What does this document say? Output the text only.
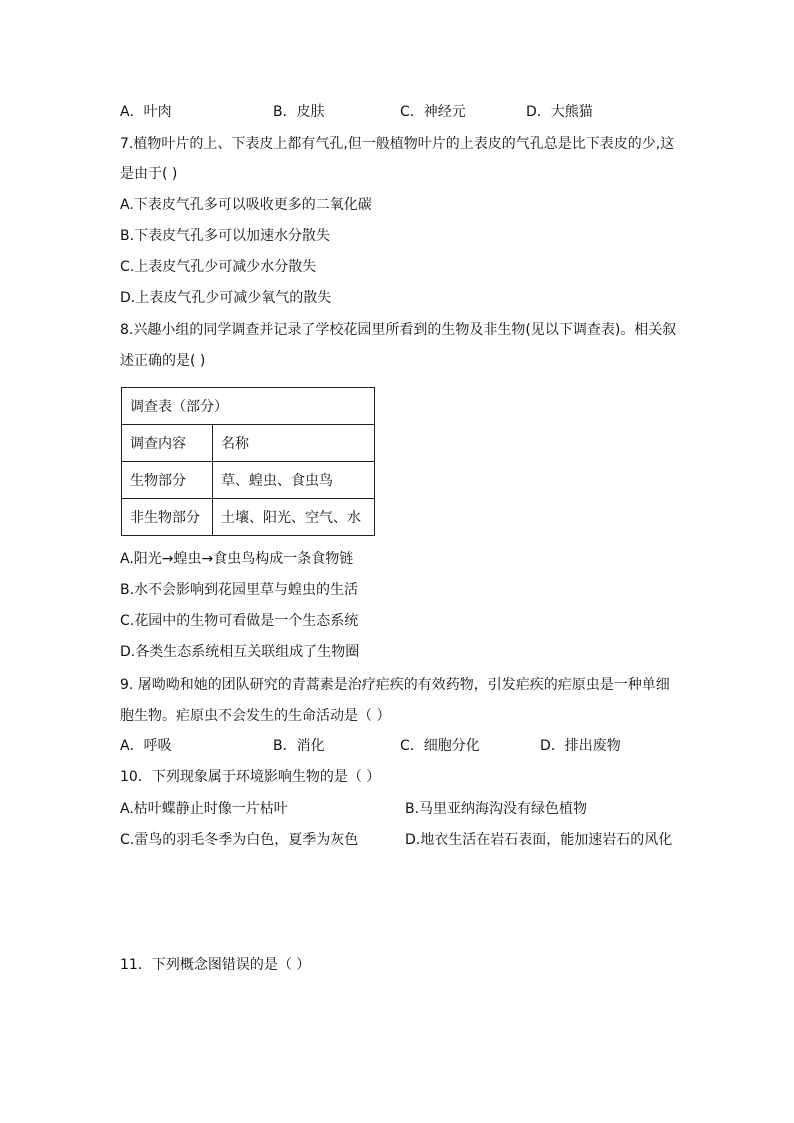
A．叶肉	B．皮肤	C．神经元	D．大熊猫
7.植物叶片的上、下表皮上都有气孔,但一般植物叶片的上表皮的气孔总是比下表皮的少,这
是由于( )
A.下表皮气孔多可以吸收更多的二氧化碳
B.下表皮气孔多可以加速水分散失
C.上表皮气孔少可减少水分散失
D.上表皮气孔少可减少氧气的散失
8.兴趣小组的同学调查并记录了学校花园里所看到的生物及非生物(见以下调查表)。相关叙
述正确的是( )
调查表（部分）	
调查内容	名称
生物部分	草、蝗虫、食虫鸟
非生物部分	土壤、阳光、空气、水
A.阳光→蝗虫→食虫鸟构成一条食物链
B.水不会影响到花园里草与蝗虫的生活
C.花园中的生物可看做是一个生态系统
D.各类生态系统相互关联组成了生物圈
9. 屠呦呦和她的团队研究的青蒿素是治疗疟疾的有效药物，引发疟疾的疟原虫是一种单细
胞生物。疟原虫不会发生的生命活动是（ ）
A．呼吸	B．消化	C．细胞分化	D．排出废物
10．下列现象属于环境影响生物的是（ ）
A.枯叶蝶静止时像一片枯叶	B.马里亚纳海沟没有绿色植物
C.雷鸟的羽毛冬季为白色，夏季为灰色	D.地衣生活在岩石表面，能加速岩石的风化
11．下列概念图错误的是（ ）
